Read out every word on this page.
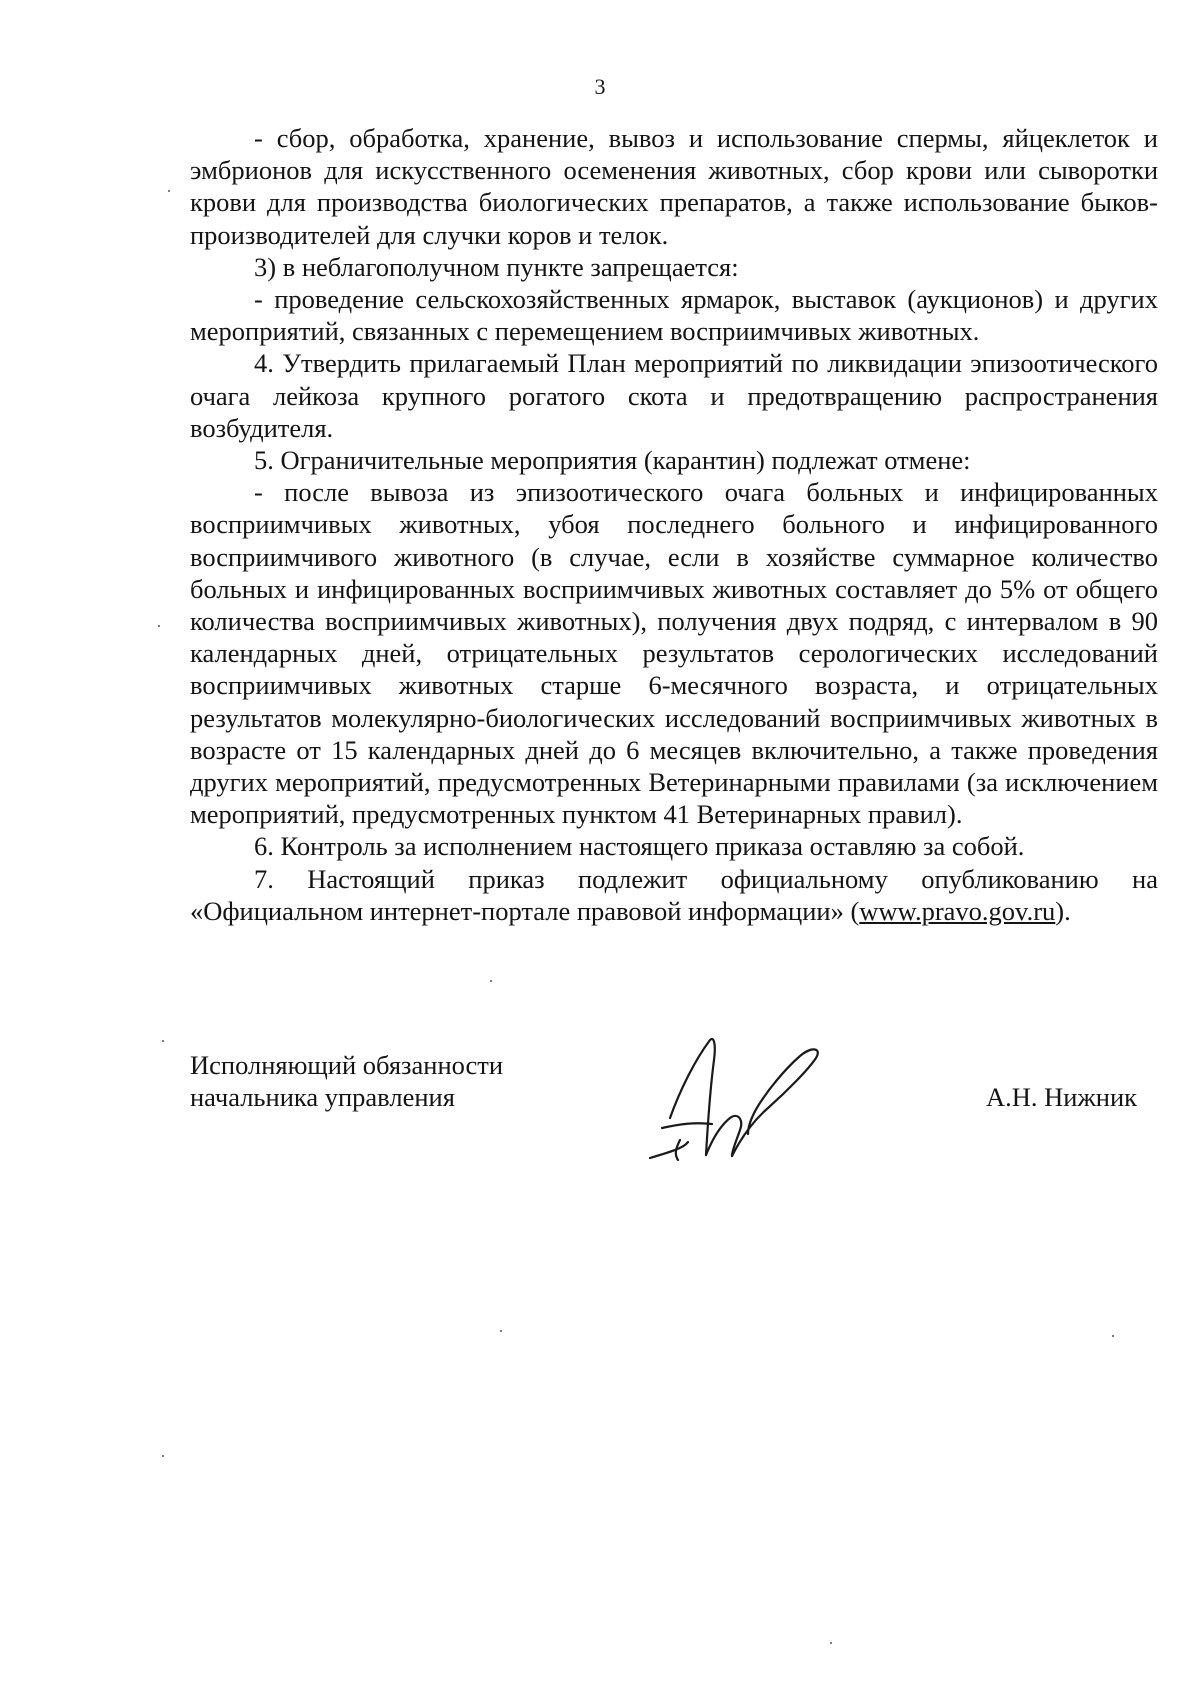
3

- сбор, обработка, хранение, вывоз и использование спермы, яйцеклеток и эмбрионов для искусственного осеменения животных, сбор крови или сыворотки крови для производства биологических препаратов, а также использование быков-производителей для случки коров и телок.

3) в неблагополучном пункте запрещается:

- проведение сельскохозяйственных ярмарок, выставок (аукционов) и других мероприятий, связанных с перемещением восприимчивых животных.

4. Утвердить прилагаемый План мероприятий по ликвидации эпизоотического очага лейкоза крупного рогатого скота и предотвращению распространения возбудителя.

5. Ограничительные мероприятия (карантин) подлежат отмене:

- после вывоза из эпизоотического очага больных и инфицированных восприимчивых животных, убоя последнего больного и инфицированного восприимчивого животного (в случае, если в хозяйстве суммарное количество больных и инфицированных восприимчивых животных составляет до 5% от общего количества восприимчивых животных), получения двух подряд, с интервалом в 90 календарных дней, отрицательных результатов серологических исследований восприимчивых животных старше 6-месячного возраста, и отрицательных результатов молекулярно-биологических исследований восприимчивых животных в возрасте от 15 календарных дней до 6 месяцев включительно, а также проведения других мероприятий, предусмотренных Ветеринарными правилами (за исключением мероприятий, предусмотренных пунктом 41 Ветеринарных правил).

6. Контроль за исполнением настоящего приказа оставляю за собой.

7. Настоящий приказ подлежит официальному опубликованию на «Официальном интернет-портале правовой информации» (www.pravo.gov.ru).

Исполняющий обязанности
начальника управления	А.Н. Нижник
